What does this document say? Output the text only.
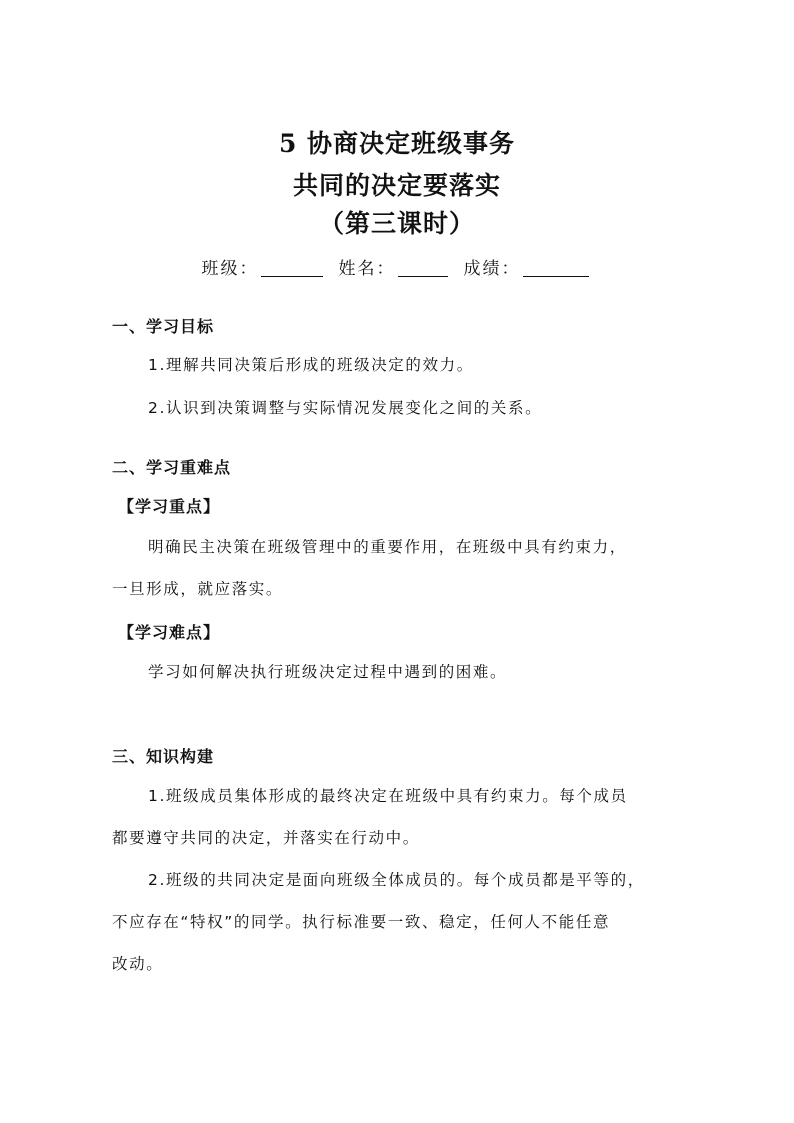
5 协商决定班级事务
共同的决定要落实
（第三课时）
班级：	姓名：	成绩：
一、学习目标
1.理解共同决策后形成的班级决定的效力。
2.认识到决策调整与实际情况发展变化之间的关系。
二、学习重难点
【学习重点】
明确民主决策在班级管理中的重要作用，在班级中具有约束力，
一旦形成，就应落实。
【学习难点】
学习如何解决执行班级决定过程中遇到的困难。
三、知识构建
1.班级成员集体形成的最终决定在班级中具有约束力。每个成员
都要遵守共同的决定，并落实在行动中。
2.班级的共同决定是面向班级全体成员的。每个成员都是平等的，
不应存在“特权”的同学。执行标准要一致、稳定，任何人不能任意
改动。
